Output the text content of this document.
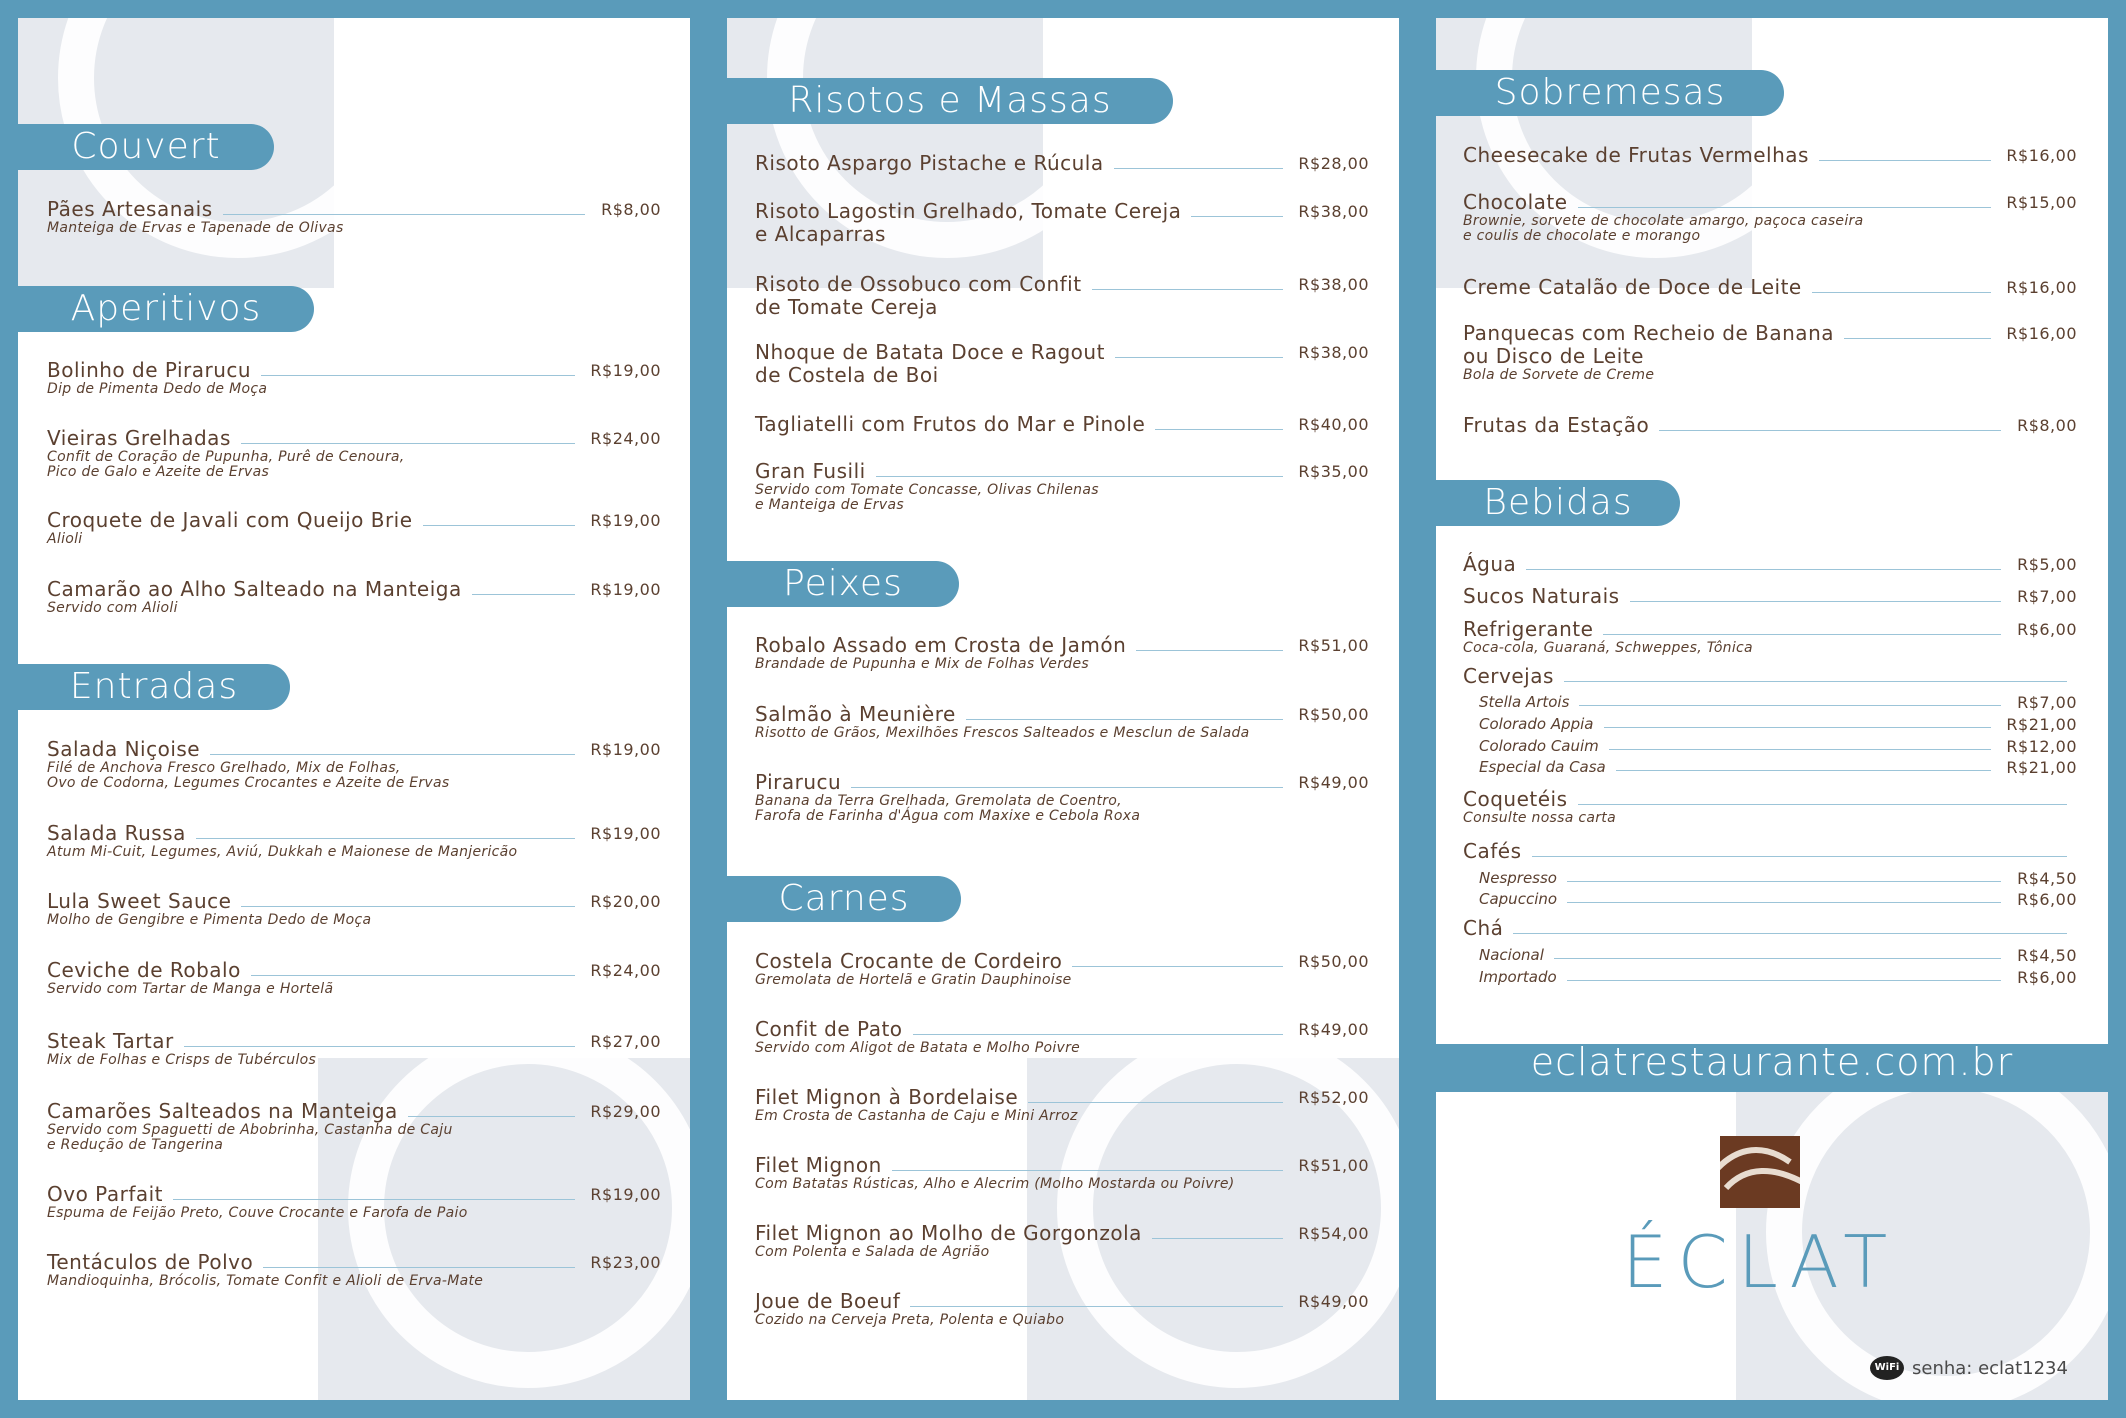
Couvert
Pães Artesanais	R$8,00
Manteiga de Ervas e Tapenade de Olivas
Aperitivos
Bolinho de Pirarucu	R$19,00
Dip de Pimenta Dedo de Moça
Vieiras Grelhadas	R$24,00
Confit de Coração de Pupunha, Purê de Cenoura,
Pico de Galo e Azeite de Ervas
Croquete de Javali com Queijo Brie	R$19,00
Alioli
Camarão ao Alho Salteado na Manteiga	R$19,00
Servido com Alioli
Entradas
Salada Niçoise	R$19,00
Filé de Anchova Fresco Grelhado, Mix de Folhas,
Ovo de Codorna, Legumes Crocantes e Azeite de Ervas
Salada Russa	R$19,00
Atum Mi-Cuit, Legumes, Aviú, Dukkah e Maionese de Manjericão
Lula Sweet Sauce	R$20,00
Molho de Gengibre e Pimenta Dedo de Moça
Ceviche de Robalo	R$24,00
Servido com Tartar de Manga e Hortelã
Steak Tartar	R$27,00
Mix de Folhas e Crisps de Tubérculos
Camarões Salteados na Manteiga	R$29,00
Servido com Spaguetti de Abobrinha, Castanha de Caju
e Redução de Tangerina
Ovo Parfait	R$19,00
Espuma de Feijão Preto, Couve Crocante e Farofa de Paio
Tentáculos de Polvo	R$23,00
Mandioquinha, Brócolis, Tomate Confit e Alioli de Erva-Mate
Risotos e Massas
Risoto Aspargo Pistache e Rúcula	R$28,00
Risoto Lagostin Grelhado, Tomate Cereja	R$38,00
e Alcaparras
Risoto de Ossobuco com Confit	R$38,00
de Tomate Cereja
Nhoque de Batata Doce e Ragout	R$38,00
de Costela de Boi
Tagliatelli com Frutos do Mar e Pinole	R$40,00
Gran Fusili	R$35,00
Servido com Tomate Concasse, Olivas Chilenas
e Manteiga de Ervas
Peixes
Robalo Assado em Crosta de Jamón	R$51,00
Brandade de Pupunha e Mix de Folhas Verdes
Salmão à Meunière	R$50,00
Risotto de Grãos, Mexilhões Frescos Salteados e Mesclun de Salada
Pirarucu	R$49,00
Banana da Terra Grelhada, Gremolata de Coentro,
Farofa de Farinha d'Água com Maxixe e Cebola Roxa
Carnes
Costela Crocante de Cordeiro	R$50,00
Gremolata de Hortelã e Gratin Dauphinoise
Confit de Pato	R$49,00
Servido com Aligot de Batata e Molho Poivre
Filet Mignon à Bordelaise	R$52,00
Em Crosta de Castanha de Caju e Mini Arroz
Filet Mignon	R$51,00
Com Batatas Rústicas, Alho e Alecrim (Molho Mostarda ou Poivre)
Filet Mignon ao Molho de Gorgonzola	R$54,00
Com Polenta e Salada de Agrião
Joue de Boeuf	R$49,00
Cozido na Cerveja Preta, Polenta e Quiabo
Sobremesas
Cheesecake de Frutas Vermelhas	R$16,00
Chocolate	R$15,00
Brownie, sorvete de chocolate amargo, paçoca caseira
e coulis de chocolate e morango
Creme Catalão de Doce de Leite	R$16,00
Panquecas com Recheio de Banana	R$16,00
ou Disco de Leite
Bola de Sorvete de Creme
Frutas da Estação	R$8,00
Bebidas
Água	R$5,00
Sucos Naturais	R$7,00
Refrigerante	R$6,00
Coca-cola, Guaraná, Schweppes, Tônica
Cervejas
Stella Artois	R$7,00
Colorado Appia	R$21,00
Colorado Cauim	R$12,00
Especial da Casa	R$21,00
Coquetéis
Consulte nossa carta
Cafés
Nespresso	R$4,50
Capuccino	R$6,00
Chá
Nacional	R$4,50
Importado	R$6,00
eclatrestaurante.com.br
ÉCLAT
WiFi senha: eclat1234
